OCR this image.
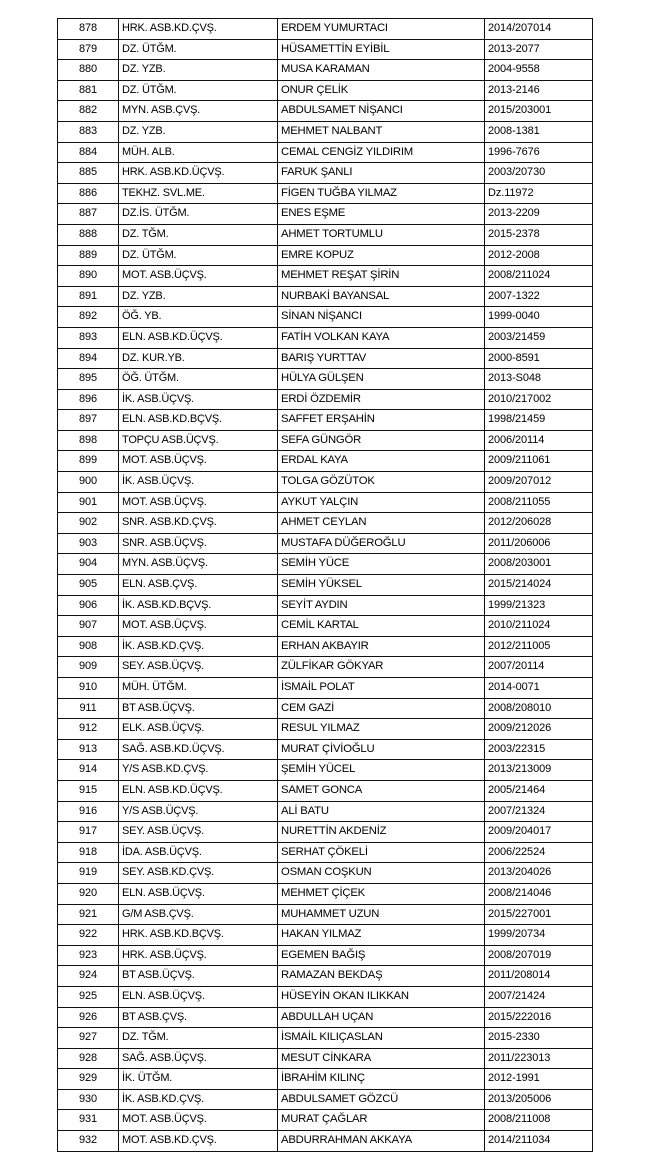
878	HRK. ASB.KD.ÇVŞ.	ERDEM YUMURTACI	2014/207014
879	DZ. ÜTĞM.	HÜSAMETTİN EYİBİL	2013-2077
880	DZ. YZB.	MUSA KARAMAN	2004-9558
881	DZ. ÜTĞM.	ONUR ÇELİK	2013-2146
882	MYN. ASB.ÇVŞ.	ABDULSAMET NİŞANCI	2015/203001
883	DZ. YZB.	MEHMET NALBANT	2008-1381
884	MÜH. ALB.	CEMAL CENGİZ YILDIRIM	1996-7676
885	HRK. ASB.KD.ÜÇVŞ.	FARUK ŞANLI	2003/20730
886	TEKHZ. SVL.ME.	FİGEN TUĞBA YILMAZ	Dz.11972
887	DZ.İS. ÜTĞM.	ENES EŞME	2013-2209
888	DZ. TĞM.	AHMET TORTUMLU	2015-2378
889	DZ. ÜTĞM.	EMRE KOPUZ	2012-2008
890	MOT. ASB.ÜÇVŞ.	MEHMET REŞAT ŞİRİN	2008/211024
891	DZ. YZB.	NURBAKİ BAYANSAL	2007-1322
892	ÖĞ. YB.	SİNAN NİŞANCI	1999-0040
893	ELN. ASB.KD.ÜÇVŞ.	FATİH VOLKAN KAYA	2003/21459
894	DZ. KUR.YB.	BARIŞ YURTTAV	2000-8591
895	ÖĞ. ÜTĞM.	HÜLYA GÜLŞEN	2013-S048
896	İK. ASB.ÜÇVŞ.	ERDİ ÖZDEMİR	2010/217002
897	ELN. ASB.KD.BÇVŞ.	SAFFET ERŞAHİN	1998/21459
898	TOPÇU ASB.ÜÇVŞ.	SEFA GÜNGÖR	2006/20114
899	MOT. ASB.ÜÇVŞ.	ERDAL KAYA	2009/211061
900	İK. ASB.ÜÇVŞ.	TOLGA GÖZÜTOK	2009/207012
901	MOT. ASB.ÜÇVŞ.	AYKUT YALÇIN	2008/211055
902	SNR. ASB.KD.ÇVŞ.	AHMET CEYLAN	2012/206028
903	SNR. ASB.ÜÇVŞ.	MUSTAFA DÜĞEROĞLU	2011/206006
904	MYN. ASB.ÜÇVŞ.	SEMİH YÜCE	2008/203001
905	ELN. ASB.ÇVŞ.	SEMİH YÜKSEL	2015/214024
906	İK. ASB.KD.BÇVŞ.	SEYİT AYDIN	1999/21323
907	MOT. ASB.ÜÇVŞ.	CEMİL KARTAL	2010/211024
908	İK. ASB.KD.ÇVŞ.	ERHAN AKBAYIR	2012/211005
909	SEY. ASB.ÜÇVŞ.	ZÜLFİKAR GÖKYAR	2007/20114
910	MÜH. ÜTĞM.	İSMAİL POLAT	2014-0071
911	BT ASB.ÜÇVŞ.	CEM GAZİ	2008/208010
912	ELK. ASB.ÜÇVŞ.	RESUL YILMAZ	2009/212026
913	SAĞ. ASB.KD.ÜÇVŞ.	MURAT ÇİVİOĞLU	2003/22315
914	Y/S ASB.KD.ÇVŞ.	ŞEMİH YÜCEL	2013/213009
915	ELN. ASB.KD.ÜÇVŞ.	SAMET GONCA	2005/21464
916	Y/S ASB.ÜÇVŞ.	ALİ BATU	2007/21324
917	SEY. ASB.ÜÇVŞ.	NURETTİN AKDENİZ	2009/204017
918	İDA. ASB.ÜÇVŞ.	SERHAT ÇÖKELİ	2006/22524
919	SEY. ASB.KD.ÇVŞ.	OSMAN COŞKUN	2013/204026
920	ELN. ASB.ÜÇVŞ.	MEHMET ÇİÇEK	2008/214046
921	G/M ASB.ÇVŞ.	MUHAMMET UZUN	2015/227001
922	HRK. ASB.KD.BÇVŞ.	HAKAN YILMAZ	1999/20734
923	HRK. ASB.ÜÇVŞ.	EGEMEN BAĞIŞ	2008/207019
924	BT ASB.ÜÇVŞ.	RAMAZAN BEKDAŞ	2011/208014
925	ELN. ASB.ÜÇVŞ.	HÜSEYİN OKAN ILIKKAN	2007/21424
926	BT ASB.ÇVŞ.	ABDULLAH UÇAN	2015/222016
927	DZ. TĞM.	İSMAİL KILIÇASLAN	2015-2330
928	SAĞ. ASB.ÜÇVŞ.	MESUT CİNKARA	2011/223013
929	İK. ÜTĞM.	İBRAHİM KILINÇ	2012-1991
930	İK. ASB.KD.ÇVŞ.	ABDULSAMET GÖZCÜ	2013/205006
931	MOT. ASB.ÜÇVŞ.	MURAT ÇAĞLAR	2008/211008
932	MOT. ASB.KD.ÇVŞ.	ABDURRAHMAN AKKAYA	2014/211034
